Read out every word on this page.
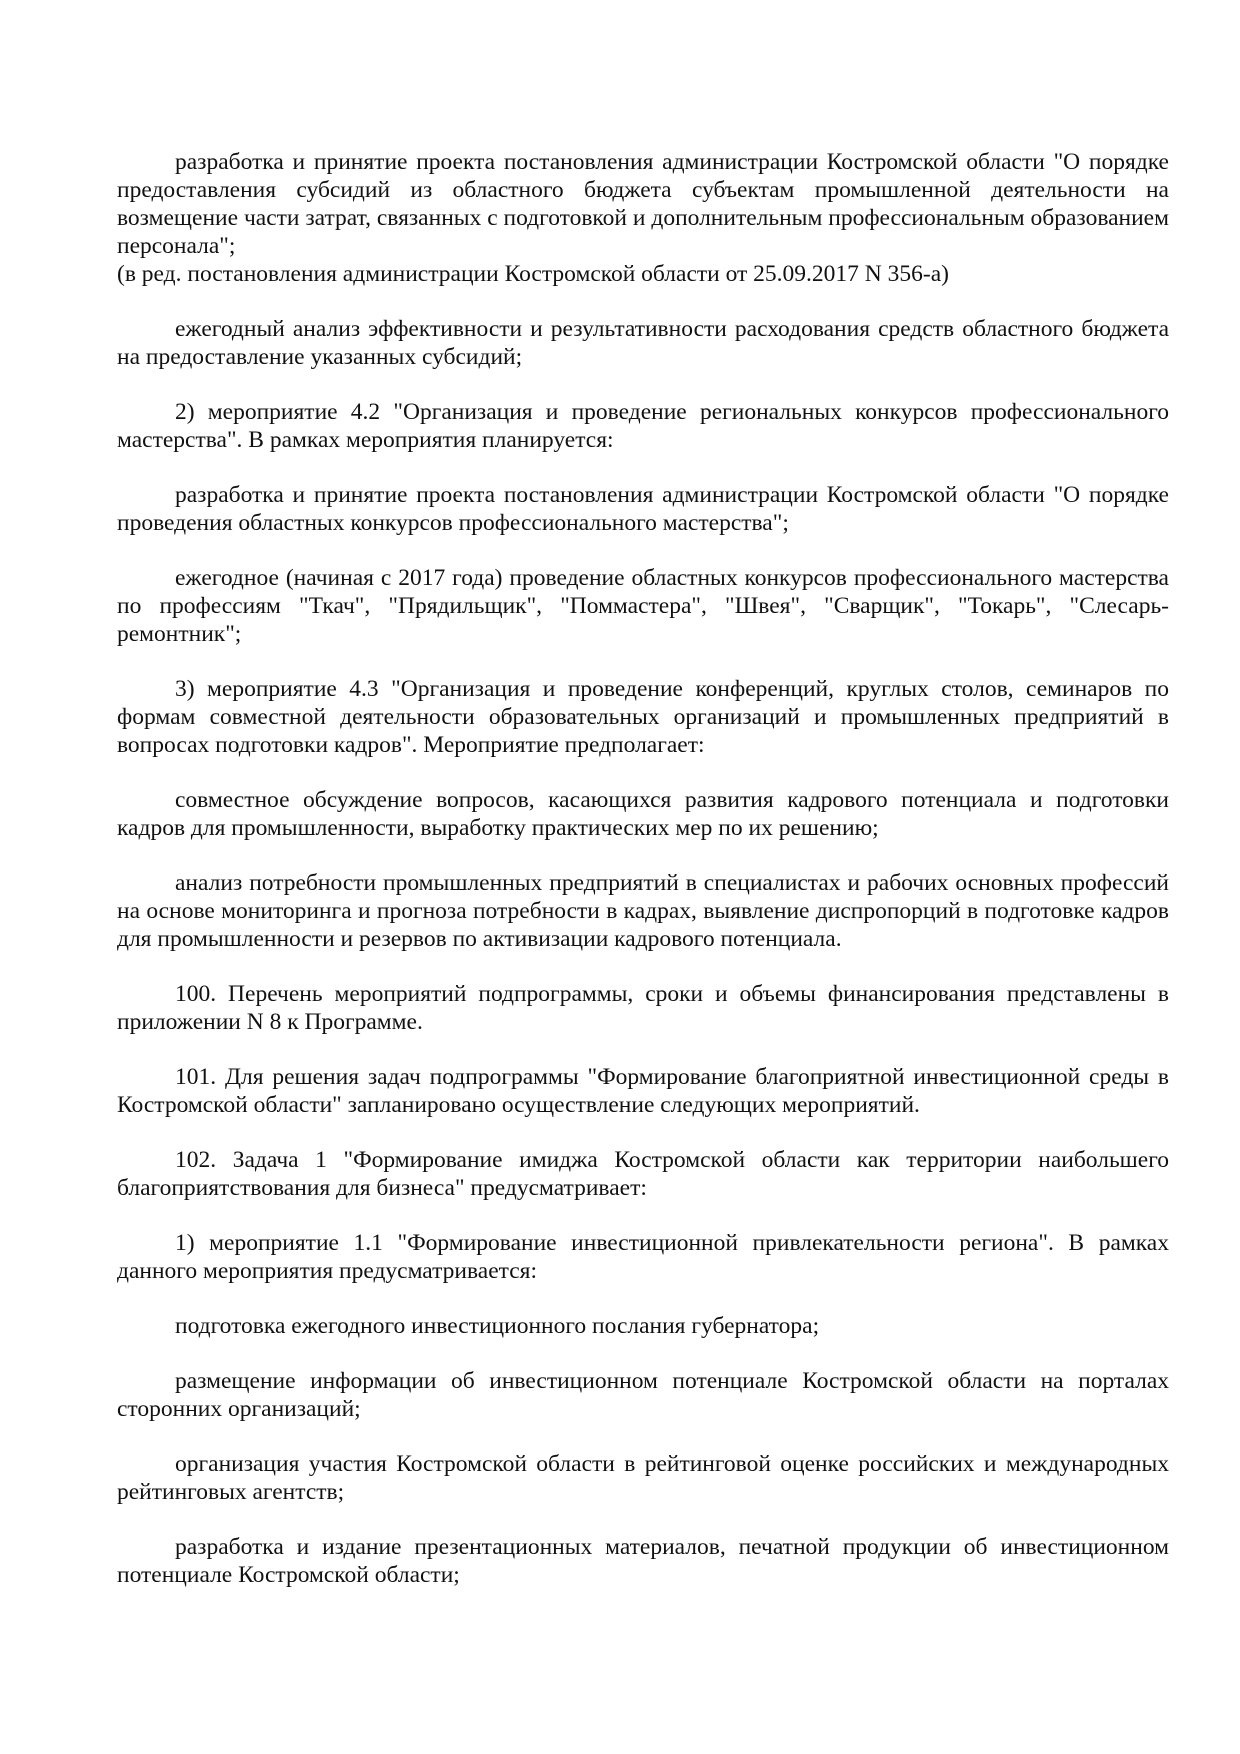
разработка и принятие проекта постановления администрации Костромской области "О порядке предоставления субсидий из областного бюджета субъектам промышленной деятельности на возмещение части затрат, связанных с подготовкой и дополнительным профессиональным образованием персонала";

(в ред. постановления администрации Костромской области от 25.09.2017 N 356-а)

ежегодный анализ эффективности и результативности расходования средств областного бюджета на предоставление указанных субсидий;

2) мероприятие 4.2 "Организация и проведение региональных конкурсов профессионального мастерства". В рамках мероприятия планируется:

разработка и принятие проекта постановления администрации Костромской области "О порядке проведения областных конкурсов профессионального мастерства";

ежегодное (начиная с 2017 года) проведение областных конкурсов профессионального мастерства по профессиям "Ткач", "Прядильщик", "Поммастера", "Швея", "Сварщик", "Токарь", "Слесарь-ремонтник";

3) мероприятие 4.3 "Организация и проведение конференций, круглых столов, семинаров по формам совместной деятельности образовательных организаций и промышленных предприятий в вопросах подготовки кадров". Мероприятие предполагает:

совместное обсуждение вопросов, касающихся развития кадрового потенциала и подготовки кадров для промышленности, выработку практических мер по их решению;

анализ потребности промышленных предприятий в специалистах и рабочих основных профессий на основе мониторинга и прогноза потребности в кадрах, выявление диспропорций в подготовке кадров для промышленности и резервов по активизации кадрового потенциала.

100. Перечень мероприятий подпрограммы, сроки и объемы финансирования представлены в приложении N 8 к Программе.

101. Для решения задач подпрограммы "Формирование благоприятной инвестиционной среды в Костромской области" запланировано осуществление следующих мероприятий.

102. Задача 1 "Формирование имиджа Костромской области как территории наибольшего благоприятствования для бизнеса" предусматривает:

1) мероприятие 1.1 "Формирование инвестиционной привлекательности региона". В рамках данного мероприятия предусматривается:

подготовка ежегодного инвестиционного послания губернатора;

размещение информации об инвестиционном потенциале Костромской области на порталах сторонних организаций;

организация участия Костромской области в рейтинговой оценке российских и международных рейтинговых агентств;

разработка и издание презентационных материалов, печатной продукции об инвестиционном потенциале Костромской области;
